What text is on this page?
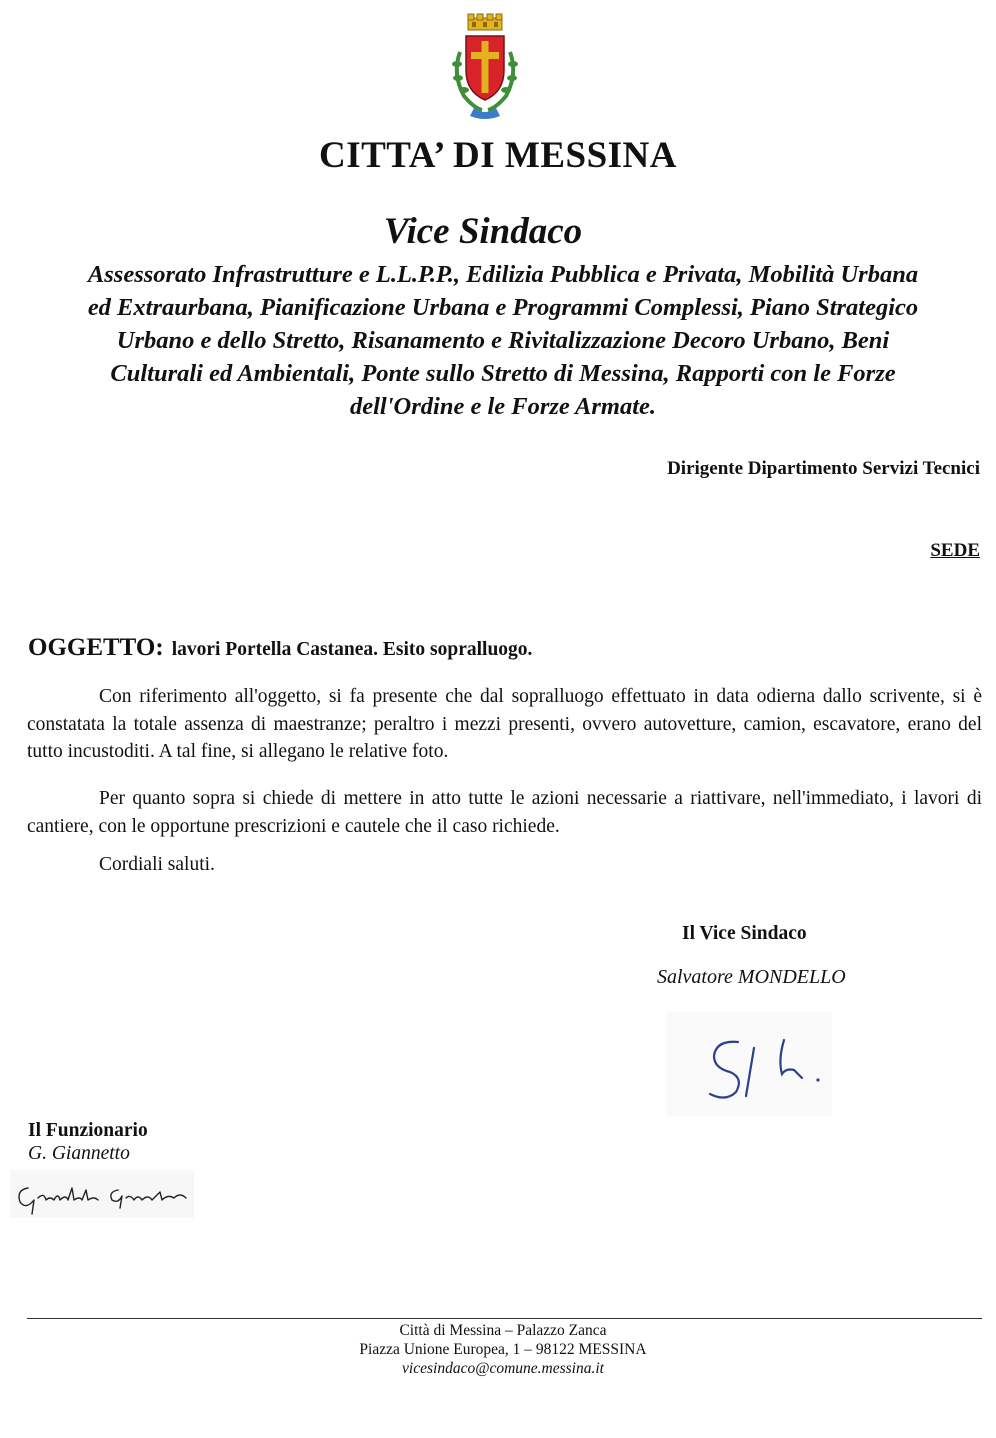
CITTA’ DI MESSINA
Vice Sindaco
Assessorato Infrastrutture e L.L.P.P., Edilizia Pubblica e Privata, Mobilità Urbana
ed Extraurbana, Pianificazione Urbana e Programmi Complessi, Piano Strategico
Urbano e dello Stretto, Risanamento e Rivitalizzazione Decoro Urbano, Beni
Culturali ed Ambientali, Ponte sullo Stretto di Messina, Rapporti con le Forze
dell'Ordine e le Forze Armate.
Dirigente Dipartimento Servizi Tecnici
SEDE
OGGETTO: lavori Portella Castanea. Esito sopralluogo.
Con riferimento all'oggetto, si fa presente che dal sopralluogo effettuato in data odierna dallo scrivente, si è constatata la totale assenza di maestranze; peraltro i mezzi presenti, ovvero autovetture, camion, escavatore, erano del tutto incustoditi. A tal fine, si allegano le relative foto.
Per quanto sopra si chiede di mettere in atto tutte le azioni necessarie a riattivare, nell'immediato, i lavori di cantiere, con le opportune prescrizioni e cautele che il caso richiede.
Cordiali saluti.
Il Vice Sindaco
Salvatore MONDELLO
Il Funzionario
G. Giannetto
Città di Messina – Palazzo Zanca
Piazza Unione Europea, 1 – 98122 MESSINA
vicesindaco@comune.messina.it
